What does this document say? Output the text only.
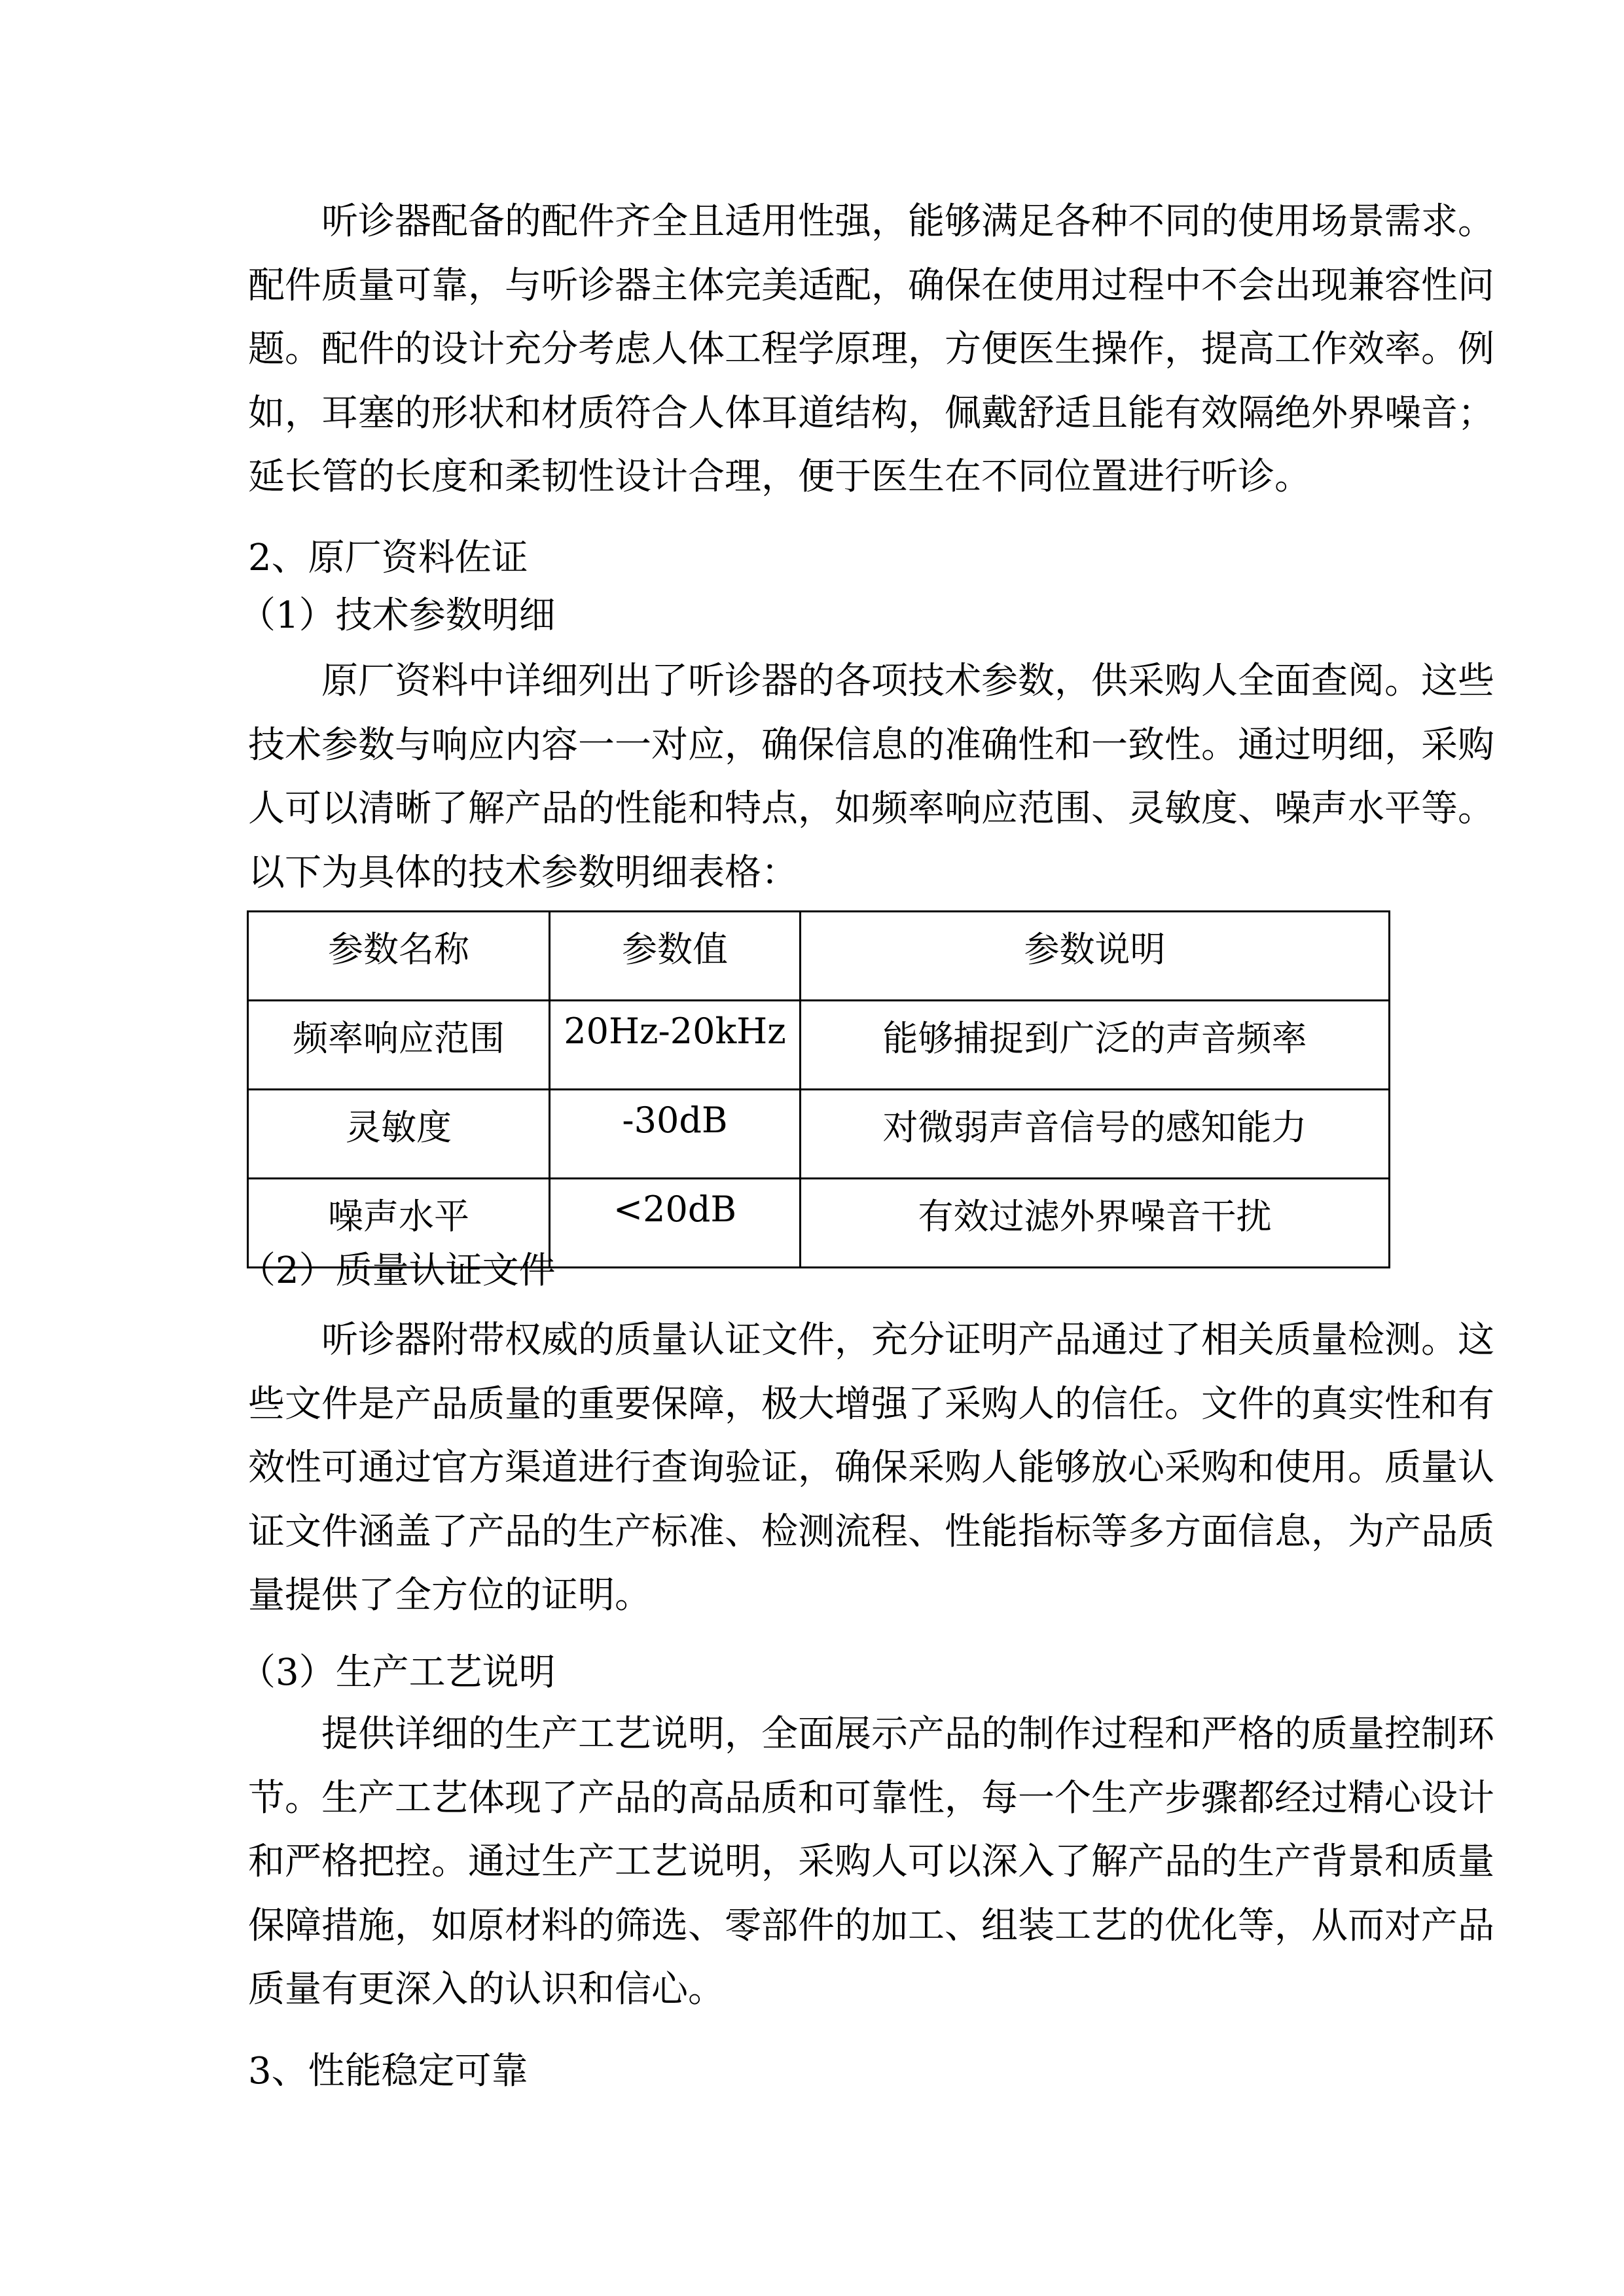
听诊器配备的配件齐全且适用性强，能够满足各种不同的使用场景需求。
配件质量可靠，与听诊器主体完美适配，确保在使用过程中不会出现兼容性问
题。配件的设计充分考虑人体工程学原理，方便医生操作，提高工作效率。例
如，耳塞的形状和材质符合人体耳道结构，佩戴舒适且能有效隔绝外界噪音；
延长管的长度和柔韧性设计合理，便于医生在不同位置进行听诊。
2、原厂资料佐证
（1）技术参数明细
原厂资料中详细列出了听诊器的各项技术参数，供采购人全面查阅。这些
技术参数与响应内容一一对应，确保信息的准确性和一致性。通过明细，采购
人可以清晰了解产品的性能和特点，如频率响应范围、灵敏度、噪声水平等。
以下为具体的技术参数明细表格：
参数名称	参数值	参数说明
频率响应范围	20Hz-20kHz	能够捕捉到广泛的声音频率
灵敏度	-30dB	对微弱声音信号的感知能力
噪声水平	<20dB	有效过滤外界噪音干扰
（2）质量认证文件
听诊器附带权威的质量认证文件，充分证明产品通过了相关质量检测。这
些文件是产品质量的重要保障，极大增强了采购人的信任。文件的真实性和有
效性可通过官方渠道进行查询验证，确保采购人能够放心采购和使用。质量认
证文件涵盖了产品的生产标准、检测流程、性能指标等多方面信息，为产品质
量提供了全方位的证明。
（3）生产工艺说明
提供详细的生产工艺说明，全面展示产品的制作过程和严格的质量控制环
节。生产工艺体现了产品的高品质和可靠性，每一个生产步骤都经过精心设计
和严格把控。通过生产工艺说明，采购人可以深入了解产品的生产背景和质量
保障措施，如原材料的筛选、零部件的加工、组装工艺的优化等，从而对产品
质量有更深入的认识和信心。
3、性能稳定可靠
